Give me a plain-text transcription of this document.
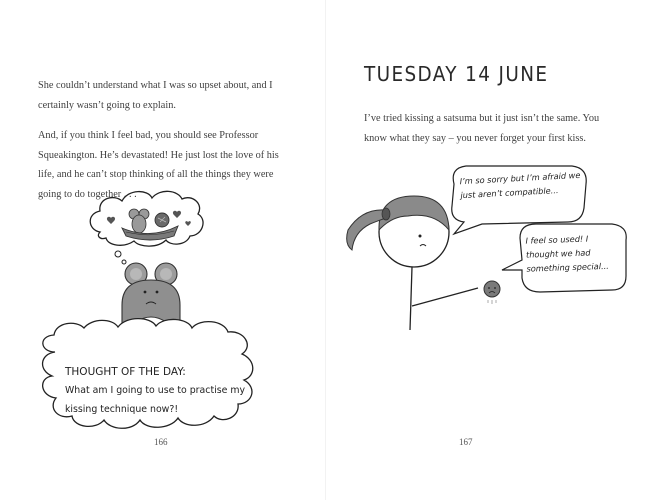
She couldn’t understand what I was so upset about, and I certainly wasn’t going to explain.

And, if you think I feel bad, you should see Professor Squeakington. He’s devastated! He just lost the love of his life, and he can’t stop thinking of all the things they were going to do together . . .

THOUGHT OF THE DAY:

What am I going to use to practise my kissing technique now?!

166
TUESDAY 14 JUNE

I’ve tried kissing a satsuma but it just isn’t the same. You know what they say – you never forget your first kiss.

I’m so sorry but I’m afraid we just aren’t compatible...

I feel so used! I thought we had something special...

167
